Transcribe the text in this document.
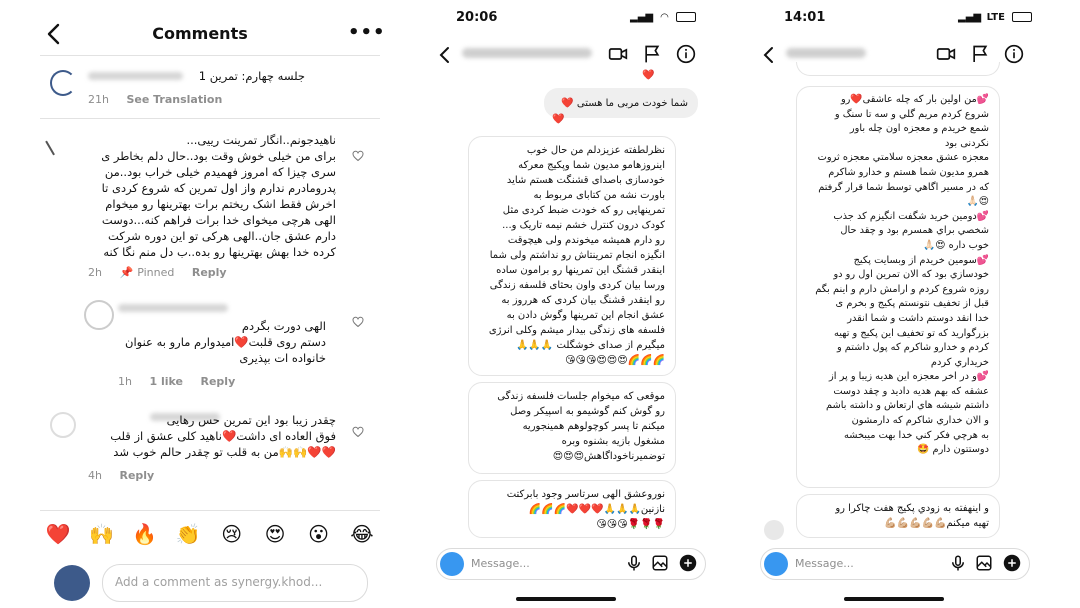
Comments	•••
جلسه چهارم: تمرین 1
21h See Translation
ناهیدجونم..انگار تمرینت رییی...
برای من خیلی خوش وقت بود..حال دلم بخاطر ی
سری چیزا که امروز فهمیدم خیلی خراب بود..من
پدرومادرم ندارم واز اول تمرین که شروع کردی تا
اخرش فقط اشک ریختم برات بهترینها رو میخوام
الهی هرچی میخوای خدا برات فراهم کنه...دوست
دارم عشق جان..الهی هرکی تو این دوره شرکت
کرده خدا بهش بهترینها رو بده..ب دل منم نگا کنه
2h 📌 Pinned Reply
الهی دورت بگردم
دستم روی قلبت❤️امیدوارم مارو به عنوان
خانواده ات بپذیری
1h 1 like Reply
چقدر زیبا بود این تمرین حس رهایی
فوق العاده ای داشت❤️ناهید کلی عشق از قلب
❤️❤️🙌🙌من به قلب تو چقدر حالم خوب شد
4h Reply
❤️ 🙌 🔥 👏	😢	😍	😮	😂
Add a comment as synergy.khod...
20:06	▂▄▆ ◠
❤️
شما خودت مربی ما هستی ❤️
❤️
نظرلطفته عزیزدلم من حال خوب
اینروزهامو مدیون شما وپکیج معرکه
خودسازی باصدای قشنگت هستم شاید
باورت نشه من کتابای مربوط به
تمرینهایی رو که خودت ضبط کردی مثل
کودک درون کنترل خشم نیمه تاریک و...
رو دارم همیشه میخوندم ولی هیچوقت
انگیزه انجام تمرینتاش رو نداشتم ولی شما
اینقدر قشنگ این تمرینها رو برامون ساده
ورسا بیان کردی واون بحثای فلسفه زندگی
رو اینقدر قشنگ بیان کردی که هرروز به
عشق انجام این تمرینها وگوش دادن به
فلسفه های زندگی بیدار میشم وکلی انرژی
میگیرم از صدای خوشگلت 🙏🙏🙏
🌈🌈🌈😍😍😍😘😘😘
موقعی که میخوام جلسات فلسفه زندگی
رو گوش کنم گوشیمو به اسپیکر وصل
میکنم تا پسر کوچولوهم همینجوریه
مشغول بازیه بشنوه وبره
توضمیرناخوداگاهش😍😍😍
نوروعشق الهی سرتاسر وجود بابرکتت
نازنین🙏🙏🙏❤️❤️❤️🌈🌈🌈
🌹🌹🌹😘😘😘
Message...
14:01	▂▄▆ LTE
💕من اولین بار که چله عاشقی❤️رو
شروع کردم مریم گلي و سه تا سنگ و
شمع خریدم و معجزه اون چله باور
نکردنی بود
معجزه عشق معجزه سلامتي معجزه ثروت
همرو مدیون شما هستم و خدارو شاکرم
که در مسیر اگاهي توسط شما قرار گرفتم
😍🙏🏻
💕دومین خرید شگفت انگیزم کد جذب
شخصي براي همسرم بود و چقد حال
خوب داره 😍🙏🏻
💕سومین خریدم از وبسایت پکیج
خودسازي بود که الان تمرین اول رو دو
روزه شروع کردم و ارامش دارم و اینم بگم
قبل از تخفیف نتونستم پکیج و بخرم ی
خدا انقد دوستم داشت و شما انقدر
بزرگوارید که تو تخفیف این پکیج و تهیه
کردم و خدارو شاکرم که پول داشتم و
خریداري کردم
💕و در اخر معجزه این هدیه زیبا و پر از
عشقه که بهم هدیه دادید و چقد دوست
داشتم شیشه هاي ارتعاش و داشته باشم
و الان خداري شاکرم که دارمشون
به هرچي فکر کني خدا بهت میبخشه
دوستتون دارم 🤩
و اینهفته به زودي پکیج هفت چاکرا رو
تهیه میکنم💪🏼💪🏼💪🏼💪🏼💪🏼
Message...
